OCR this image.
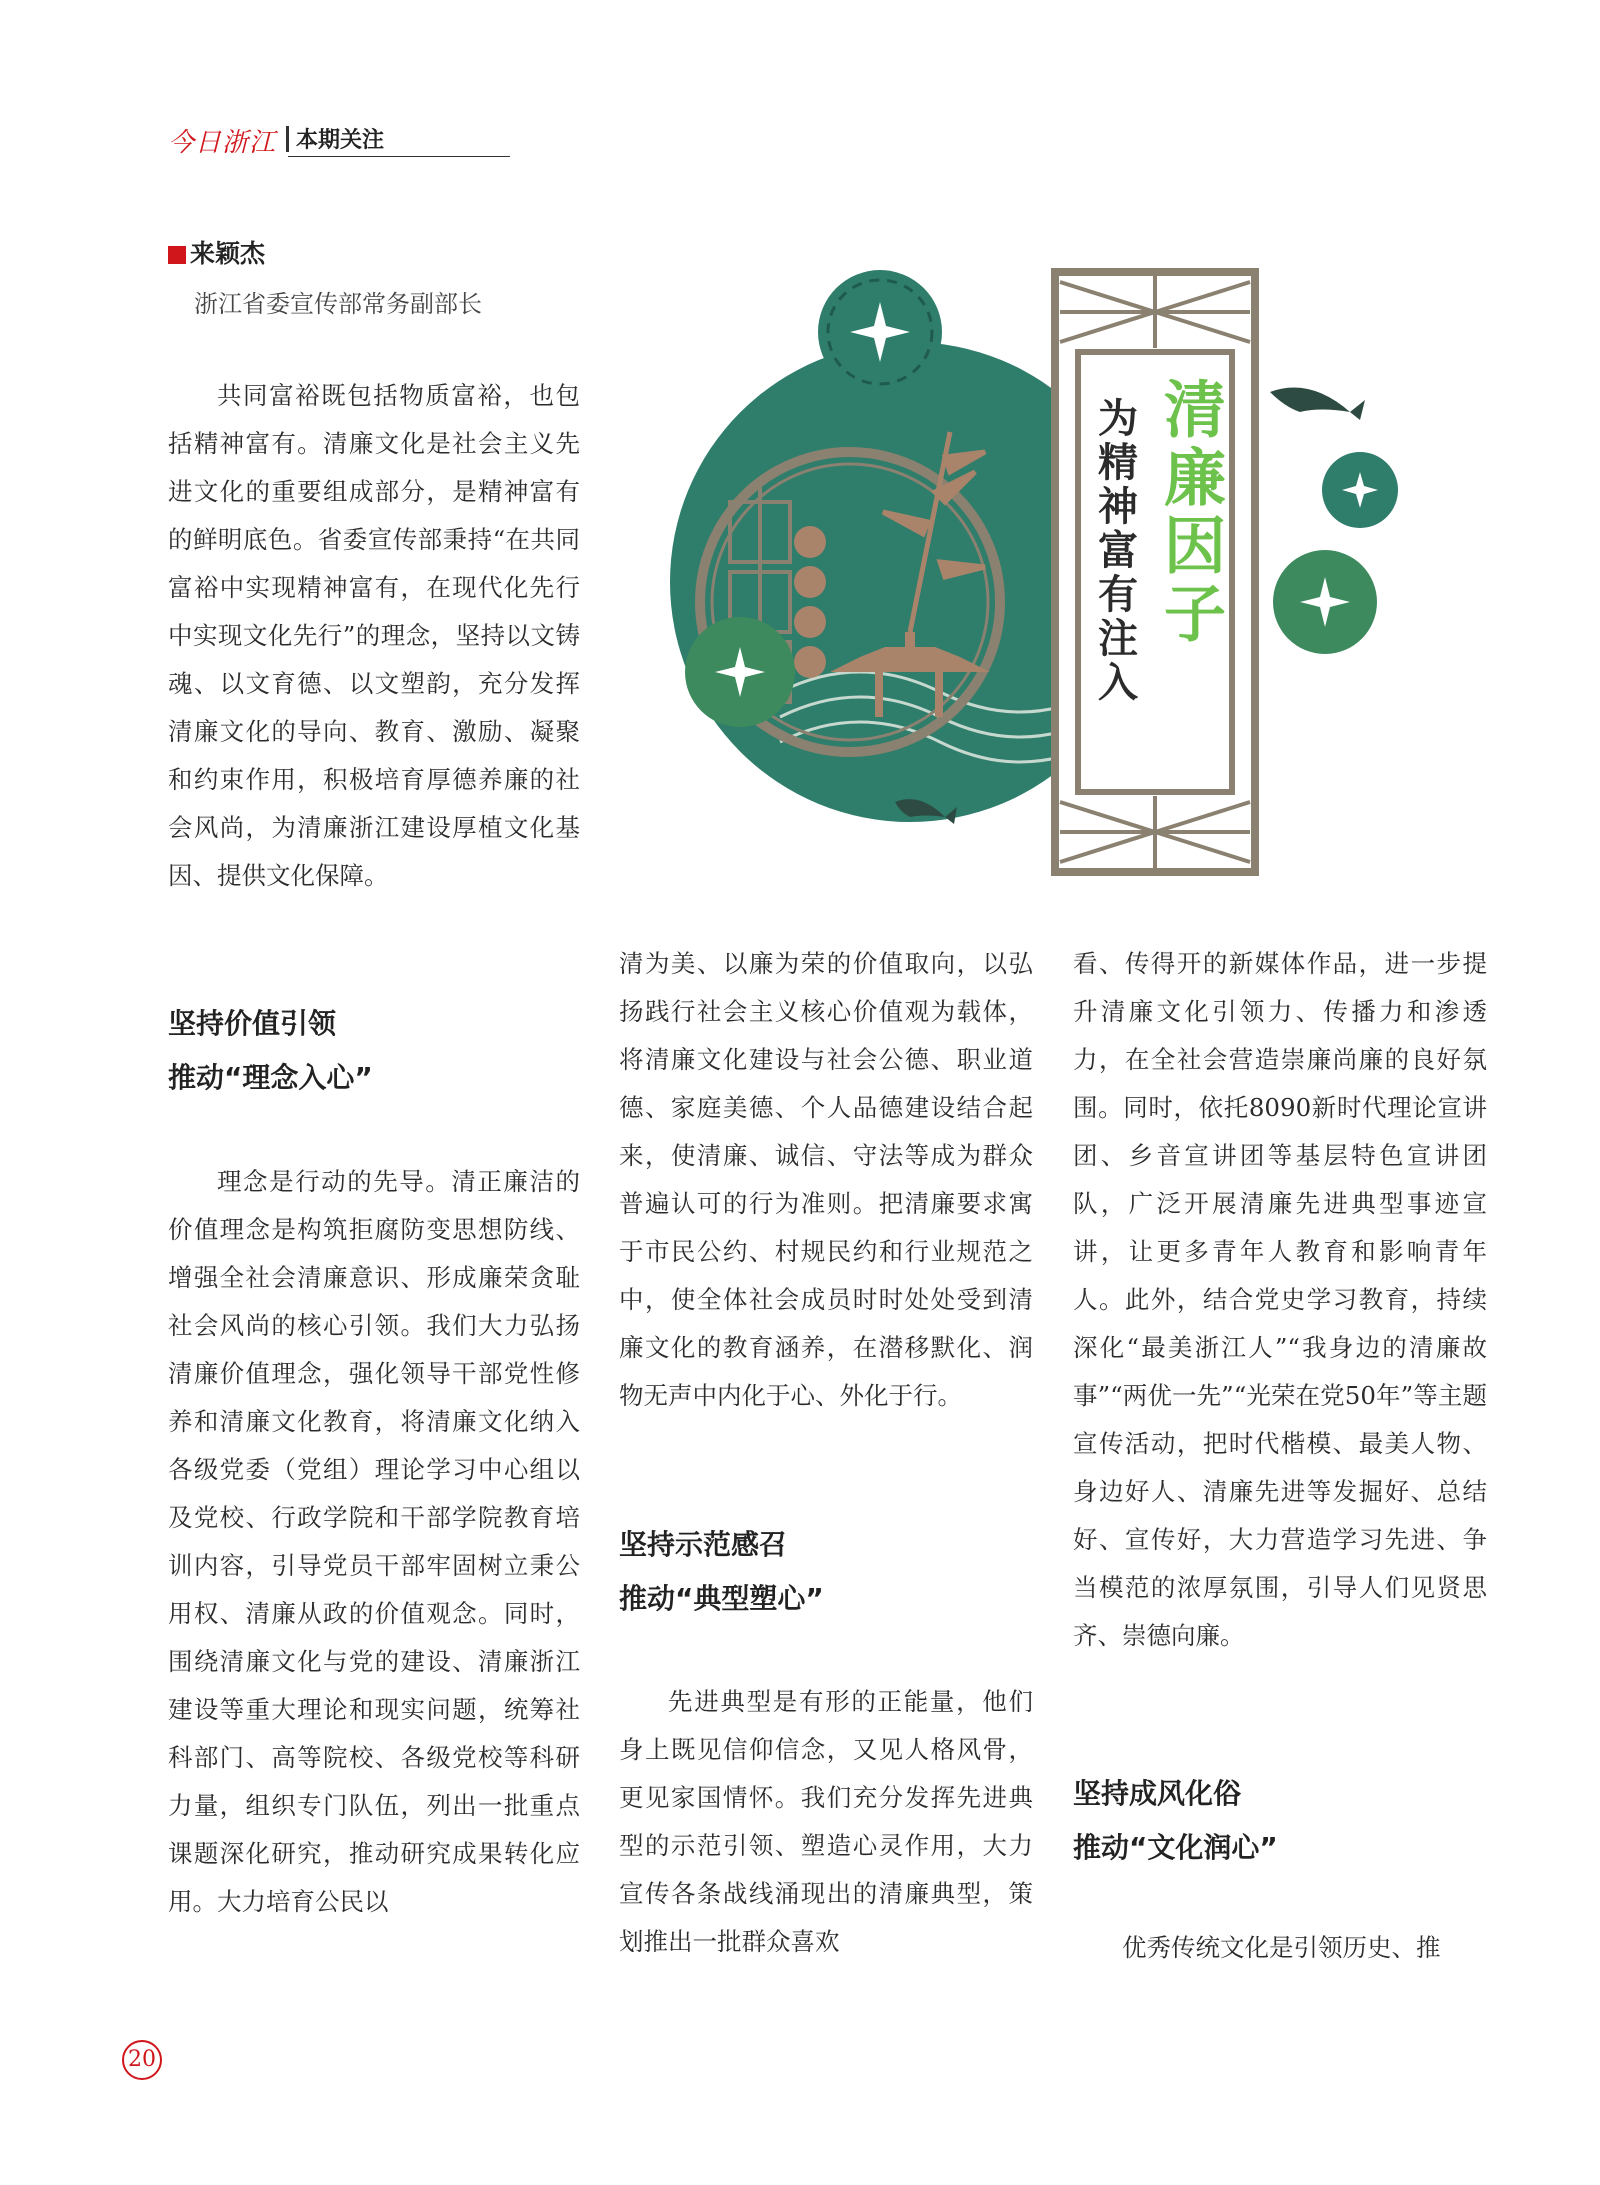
今日浙江 本期关注
来颖杰
浙江省委宣传部常务副部长

共同富裕既包括物质富裕，也包括精神富有。清廉文化是社会主义先进文化的重要组成部分，是精神富有的鲜明底色。省委宣传部秉持“在共同富裕中实现精神富有，在现代化先行中实现文化先行”的理念，坚持以文铸魂、以文育德、以文塑韵，充分发挥清廉文化的导向、教育、激励、凝聚和约束作用，积极培育厚德养廉的社会风尚，为清廉浙江建设厚植文化基因、提供文化保障。

坚持价值引领
推动“理念入心”

理念是行动的先导。清正廉洁的价值理念是构筑拒腐防变思想防线、增强全社会清廉意识、形成廉荣贪耻社会风尚的核心引领。我们大力弘扬清廉价值理念，强化领导干部党性修养和清廉文化教育，将清廉文化纳入各级党委（党组）理论学习中心组以及党校、行政学院和干部学院教育培训内容，引导党员干部牢固树立秉公用权、清廉从政的价值观念。同时，围绕清廉文化与党的建设、清廉浙江建设等重大理论和现实问题，统筹社科部门、高等院校、各级党校等科研力量，组织专门队伍，列出一批重点课题深化研究，推动研究成果转化应用。大力培育公民以

清为美、以廉为荣的价值取向，以弘扬践行社会主义核心价值观为载体，将清廉文化建设与社会公德、职业道德、家庭美德、个人品德建设结合起来，使清廉、诚信、守法等成为群众普遍认可的行为准则。把清廉要求寓于市民公约、村规民约和行业规范之中，使全体社会成员时时处处受到清廉文化的教育涵养，在潜移默化、润物无声中内化于心、外化于行。

坚持示范感召
推动“典型塑心”

先进典型是有形的正能量，他们身上既见信仰信念，又见人格风骨，更见家国情怀。我们充分发挥先进典型的示范引领、塑造心灵作用，大力宣传各条战线涌现出的清廉典型，策划推出一批群众喜欢

看、传得开的新媒体作品，进一步提升清廉文化引领力、传播力和渗透力，在全社会营造崇廉尚廉的良好氛围。同时，依托8090新时代理论宣讲团、乡音宣讲团等基层特色宣讲团队，广泛开展清廉先进典型事迹宣讲，让更多青年人教育和影响青年人。此外，结合党史学习教育，持续深化“最美浙江人”“我身边的清廉故事”“两优一先”“光荣在党50年”等主题宣传活动，把时代楷模、最美人物、身边好人、清廉先进等发掘好、总结好、宣传好，大力营造学习先进、争当模范的浓厚氛围，引导人们见贤思齐、崇德向廉。

坚持成风化俗
推动“文化润心”

优秀传统文化是引领历史、推

清廉因子
为精神富有注入
20
